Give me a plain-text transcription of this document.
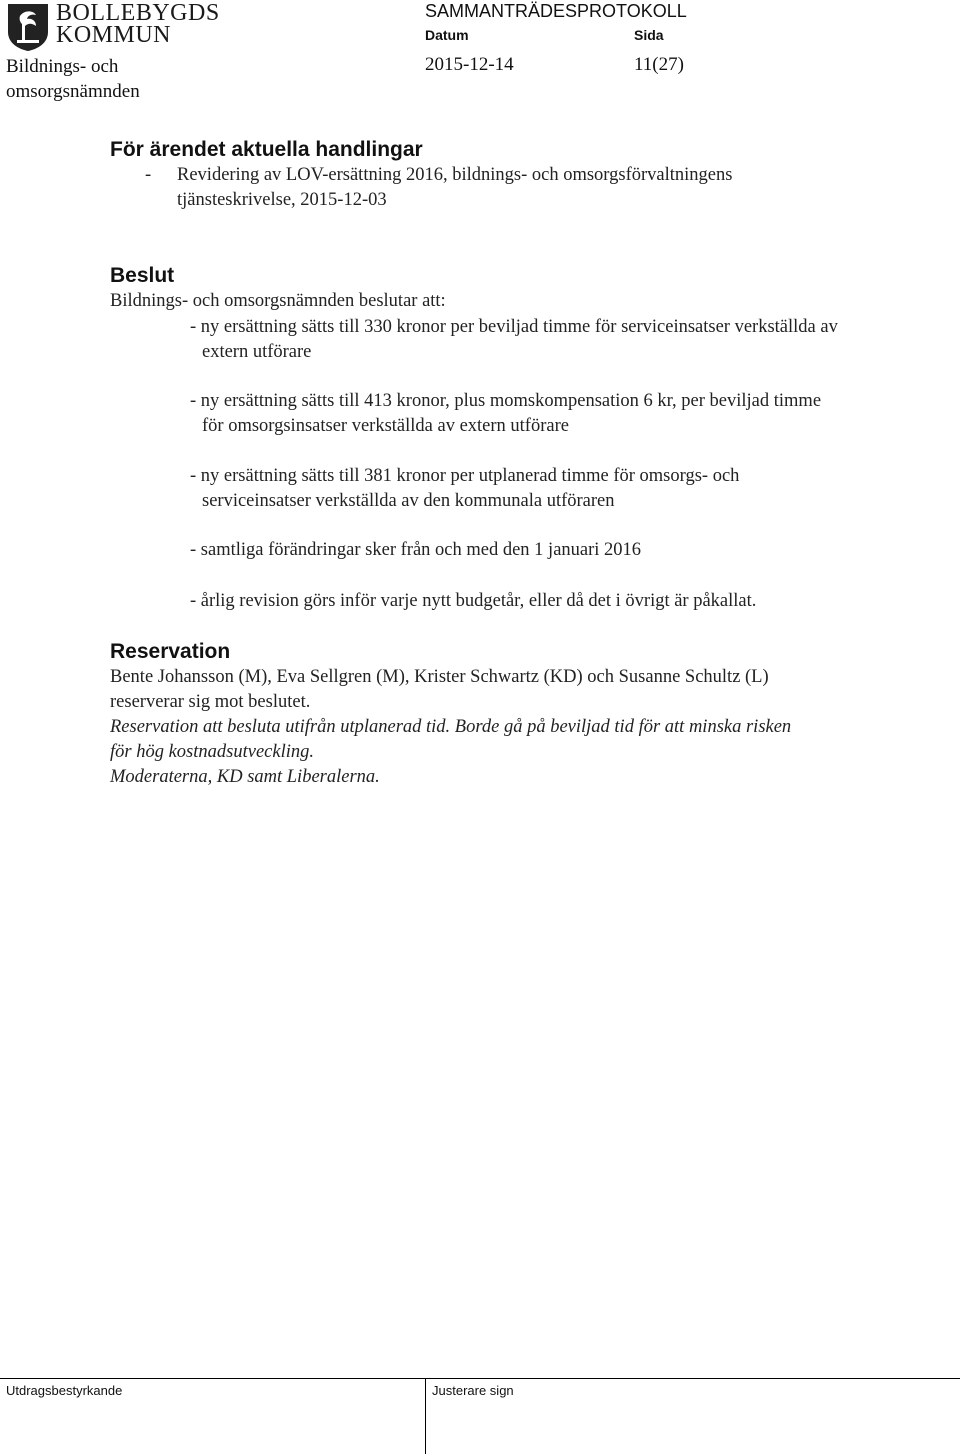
BOLLEBYGDS
KOMMUN
Bildnings- och
omsorgsnämnden
SAMMANTRÄDESPROTOKOLL
Datum	Sida
2015-12-14	11(27)
För ärendet aktuella handlingar
- Revidering av LOV-ersättning 2016, bildnings- och omsorgsförvaltningens
tjänsteskrivelse, 2015-12-03
Beslut
Bildnings- och omsorgsnämnden beslutar att:
- ny ersättning sätts till 330 kronor per beviljad timme för serviceinsatser verkställda av
extern utförare
- ny ersättning sätts till 413 kronor, plus momskompensation 6 kr, per beviljad timme
för omsorgsinsatser verkställda av extern utförare
- ny ersättning sätts till 381 kronor per utplanerad timme för omsorgs- och
serviceinsatser verkställda av den kommunala utföraren
- samtliga förändringar sker från och med den 1 januari 2016
- årlig revision görs inför varje nytt budgetår, eller då det i övrigt är påkallat.
Reservation
Bente Johansson (M), Eva Sellgren (M), Krister Schwartz (KD) och Susanne Schultz (L)
reserverar sig mot beslutet.
Reservation att besluta utifrån utplanerad tid. Borde gå på beviljad tid för att minska risken
för hög kostnadsutveckling.
Moderaterna, KD samt Liberalerna.
Utdragsbestyrkande	Justerare sign
